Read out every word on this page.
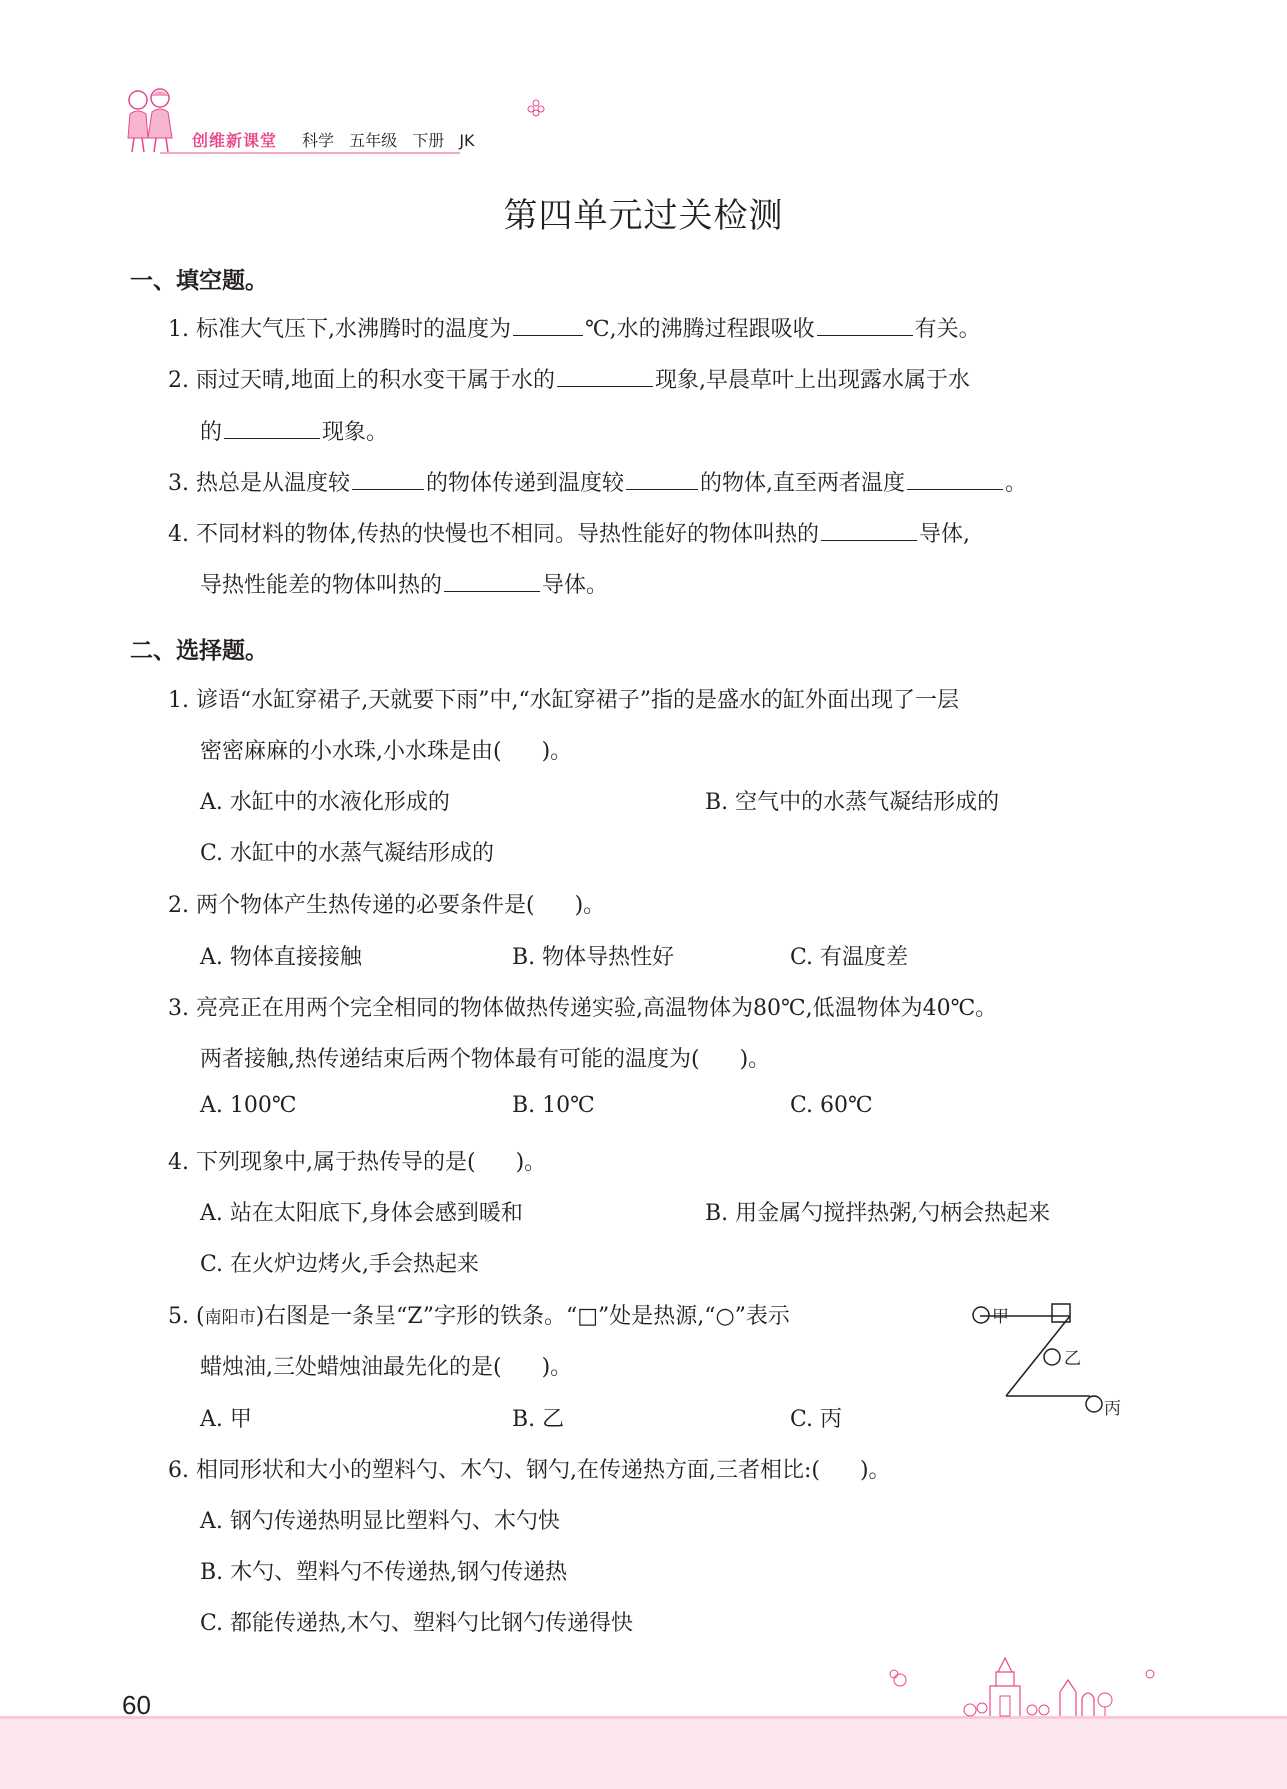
创维新课堂 科学 五年级 下册 JK
第四单元过关检测
一、填空题。
1. 标准大气压下,水沸腾时的温度为	℃,水的沸腾过程跟吸收	有关。
2. 雨过天晴,地面上的积水变干属于水的	现象,早晨草叶上出现露水属于水
的	现象。
3. 热总是从温度较	的物体传递到温度较	的物体,直至两者温度	。
4. 不同材料的物体,传热的快慢也不相同。导热性能好的物体叫热的	导体,
导热性能差的物体叫热的	导体。
二、选择题。
1. 谚语“水缸穿裙子,天就要下雨”中,“水缸穿裙子”指的是盛水的缸外面出现了一层
密密麻麻的小水珠,小水珠是由( )。
A. 水缸中的水液化形成的	B. 空气中的水蒸气凝结形成的
C. 水缸中的水蒸气凝结形成的
2. 两个物体产生热传递的必要条件是( )。
A. 物体直接接触	B. 物体导热性好	C. 有温度差
3. 亮亮正在用两个完全相同的物体做热传递实验,高温物体为80℃,低温物体为40℃。
两者接触,热传递结束后两个物体最有可能的温度为( )。
A. 100℃	B. 10℃	C. 60℃
4. 下列现象中,属于热传导的是( )。
A. 站在太阳底下,身体会感到暖和	B. 用金属勺搅拌热粥,勺柄会热起来
C. 在火炉边烤火,手会热起来
5. (南阳市)右图是一条呈“Z”字形的铁条。“□”处是热源,“○”表示
蜡烛油,三处蜡烛油最先化的是( )。
A. 甲	B. 乙	C. 丙
甲
乙
丙
6. 相同形状和大小的塑料勺、木勺、钢勺,在传递热方面,三者相比:( )。
A. 钢勺传递热明显比塑料勺、木勺快
B. 木勺、塑料勺不传递热,钢勺传递热
C. 都能传递热,木勺、塑料勺比钢勺传递得快
60
